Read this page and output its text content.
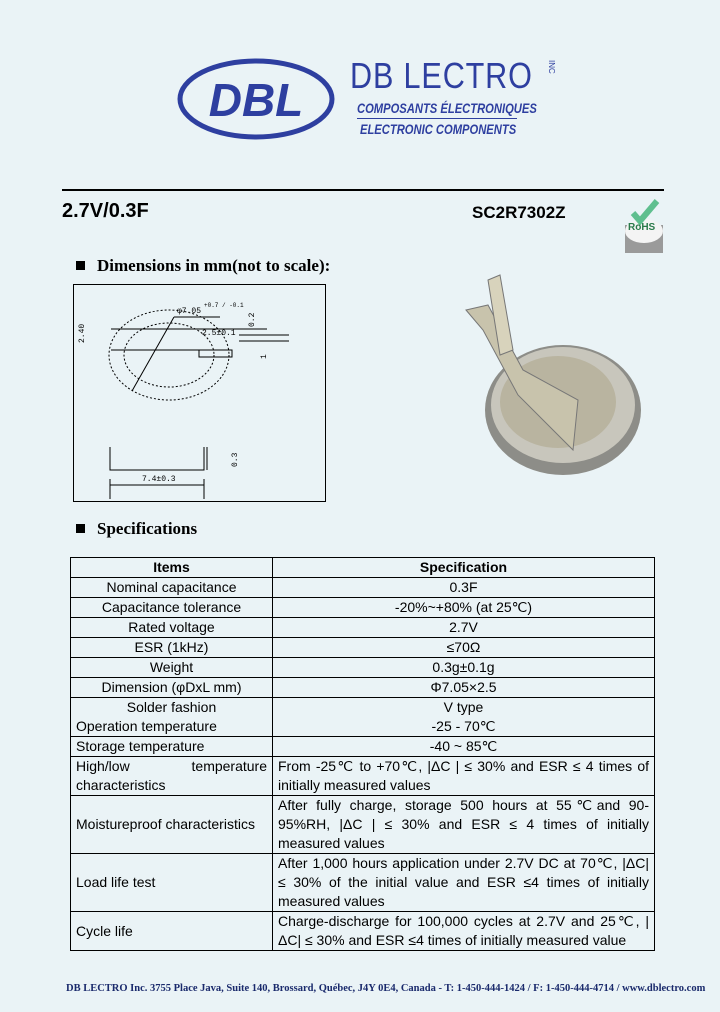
DBL DB LECTRO INC
COMPOSANTS ÉLECTRONIQUES
ELECTRONIC COMPONENTS
2.7V/0.3F	SC2R7302Z
RoHS
Dimensions in mm(not to scale):
φ7.05
+0.7 / -0.1
2.5±0.1
2.40
0.2
1
7.4±0.3
0.3
Specifications
Items	Specification
Nominal capacitance	0.3F
Capacitance tolerance	-20%~+80% (at 25℃)
Rated voltage	2.7V
ESR (1kHz)	≤70Ω
Weight	0.3g±0.1g
Dimension (φDxL mm)	Φ7.05×2.5
Solder fashion	V type
Operation temperature	-25 - 70℃
Storage temperature	-40 ~ 85℃
High/low temperature characteristics	From -25℃ to +70℃, |ΔC | ≤ 30% and ESR ≤ 4 times of initially measured values
Moistureproof characteristics	After fully charge, storage 500 hours at 55℃and 90-95%RH, |ΔC | ≤ 30% and ESR ≤ 4 times of initially measured values
Load life test	After 1,000 hours application under 2.7V DC at 70℃, |ΔC| ≤ 30% of the initial value and ESR ≤4 times of initially measured values
Cycle life	Charge-discharge for 100,000 cycles at 2.7V and 25℃, |ΔC| ≤ 30% and ESR ≤4 times of initially measured value
DB LECTRO Inc. 3755 Place Java, Suite 140, Brossard, Québec, J4Y 0E4, Canada - T: 1-450-444-1424 / F: 1-450-444-4714 / www.dblectro.com
